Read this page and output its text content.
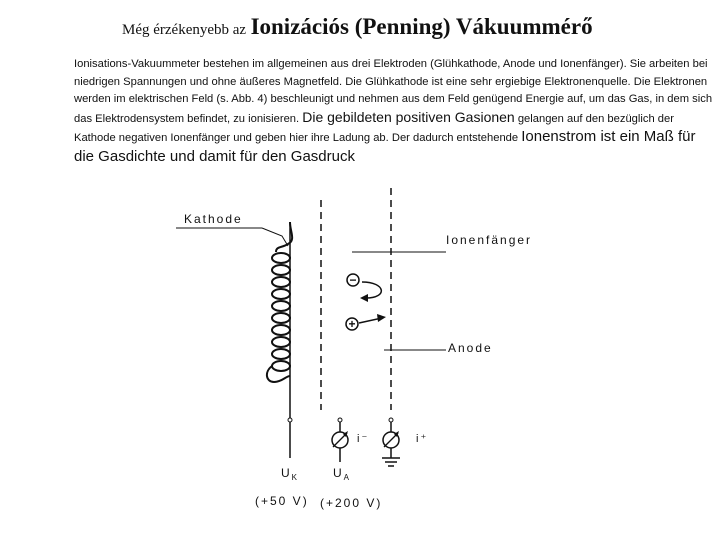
Még érzékenyebb az Ionizációs (Penning) Vákuummérő
Ionisations-Vakuummeter bestehen im allgemeinen aus drei Elektroden (Glühkathode, Anode und Ionenfänger). Sie arbeiten bei niedrigen Spannungen und ohne äußeres Magnetfeld. Die Glühkathode ist eine sehr ergiebige Elektronenquelle. Die Elektronen werden im elektrischen Feld (s. Abb. 4) beschleunigt und nehmen aus dem Feld genügend Energie auf, um das Gas, in dem sich das Elektrodensystem befindet, zu ionisieren. Die gebildeten positiven Gasionen gelangen auf den bezüglich der Kathode negativen Ionenfänger und geben hier ihre Ladung ab. Der dadurch entstehende Ionenstrom ist ein Maß für die Gasdichte und damit für den Gasdruck
Kathode
Ionenfänger
Anode
−
+
i⁻	i⁺
$U_K$	$U_A$
(+50 V) (+200 V)
